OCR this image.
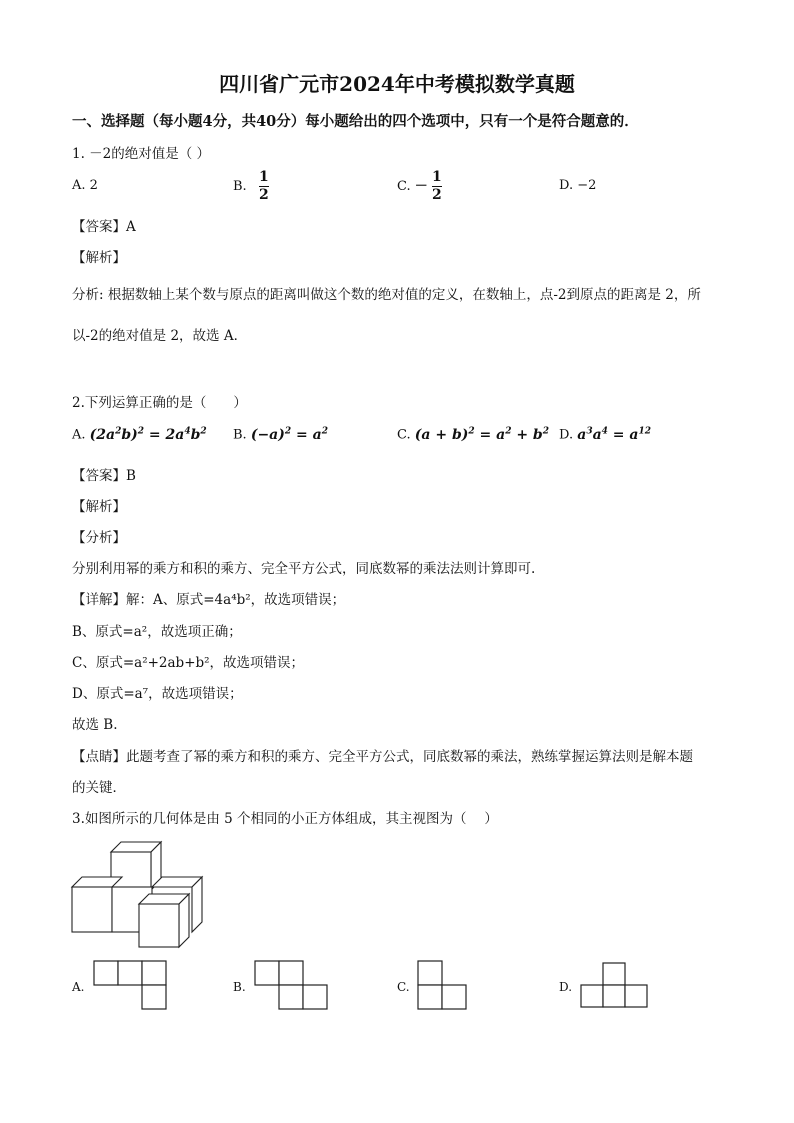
四川省广元市2024年中考模拟数学真题
一、选择题（每小题4分，共40分）每小题给出的四个选项中，只有一个是符合题意的．
1. －2的绝对值是（ ）
A. 2	B. $\frac{1}{2}$	C. － $\frac{1}{2}$	D. −2
【答案】A
【解析】
分析: 根据数轴上某个数与原点的距离叫做这个数的绝对值的定义，在数轴上，点-2到原点的距离是 2，所
以-2的绝对值是 2，故选 A．
2.下列运算正确的是（　　）
A. $(2a^2b)^2 = 2a^4b^2$ B. $(-a)^2 = a^2$	C. $(a + b)^2 = a^2 + b^2$ D. $a^3a^4 = a^{12}$
【答案】B
【解析】
【分析】
分别利用幂的乘方和积的乘方、完全平方公式，同底数幂的乘法法则计算即可.
【详解】解：A、原式=4a⁴b²，故选项错误；
B、原式=a²，故选项正确；
C、原式=a²+2ab+b²，故选项错误；
D、原式=a⁷，故选项错误；
故选 B.
【点睛】此题考查了幂的乘方和积的乘方、完全平方公式，同底数幂的乘法，熟练掌握运算法则是解本题
的关键．
3.如图所示的几何体是由 5 个相同的小正方体组成，其主视图为（　 ）
A.	B.	C.	D.
